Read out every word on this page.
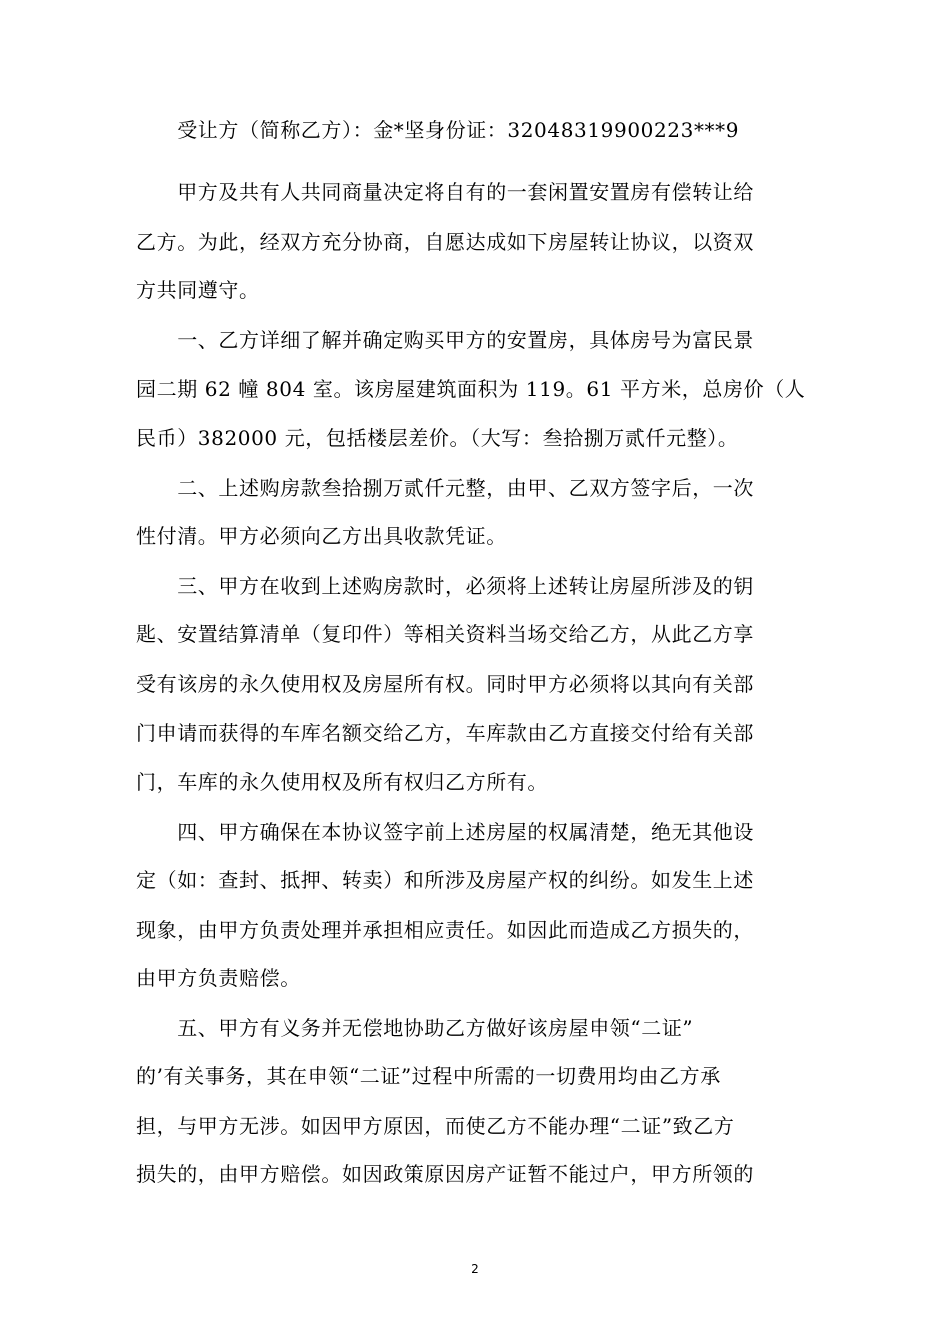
　　受让方（简称乙方）：金*坚身份证：32048319900223***9

　　甲方及共有人共同商量决定将自有的一套闲置安置房有偿转让给

乙方。为此，经双方充分协商，自愿达成如下房屋转让协议，以资双

方共同遵守。

　　一、乙方详细了解并确定购买甲方的安置房，具体房号为富民景

园二期 62 幢 804 室。该房屋建筑面积为 119。61 平方米，总房价（人

民币）382000 元，包括楼层差价。（大写：叁拾捌万贰仟元整）。

　　二、上述购房款叁拾捌万贰仟元整，由甲、乙双方签字后，一次

性付清。甲方必须向乙方出具收款凭证。

　　三、甲方在收到上述购房款时，必须将上述转让房屋所涉及的钥

匙、安置结算清单（复印件）等相关资料当场交给乙方，从此乙方享

受有该房的永久使用权及房屋所有权。同时甲方必须将以其向有关部

门申请而获得的车库名额交给乙方，车库款由乙方直接交付给有关部

门，车库的永久使用权及所有权归乙方所有。

　　四、甲方确保在本协议签字前上述房屋的权属清楚，绝无其他设

定（如：查封、抵押、转卖）和所涉及房屋产权的纠纷。如发生上述

现象，由甲方负责处理并承担相应责任。如因此而造成乙方损失的，

由甲方负责赔偿。

　　五、甲方有义务并无偿地协助乙方做好该房屋申领“二证”

的’有关事务，其在申领“二证”过程中所需的一切费用均由乙方承

担，与甲方无涉。如因甲方原因，而使乙方不能办理“二证”致乙方

损失的，由甲方赔偿。如因政策原因房产证暂不能过户，甲方所领的

2
